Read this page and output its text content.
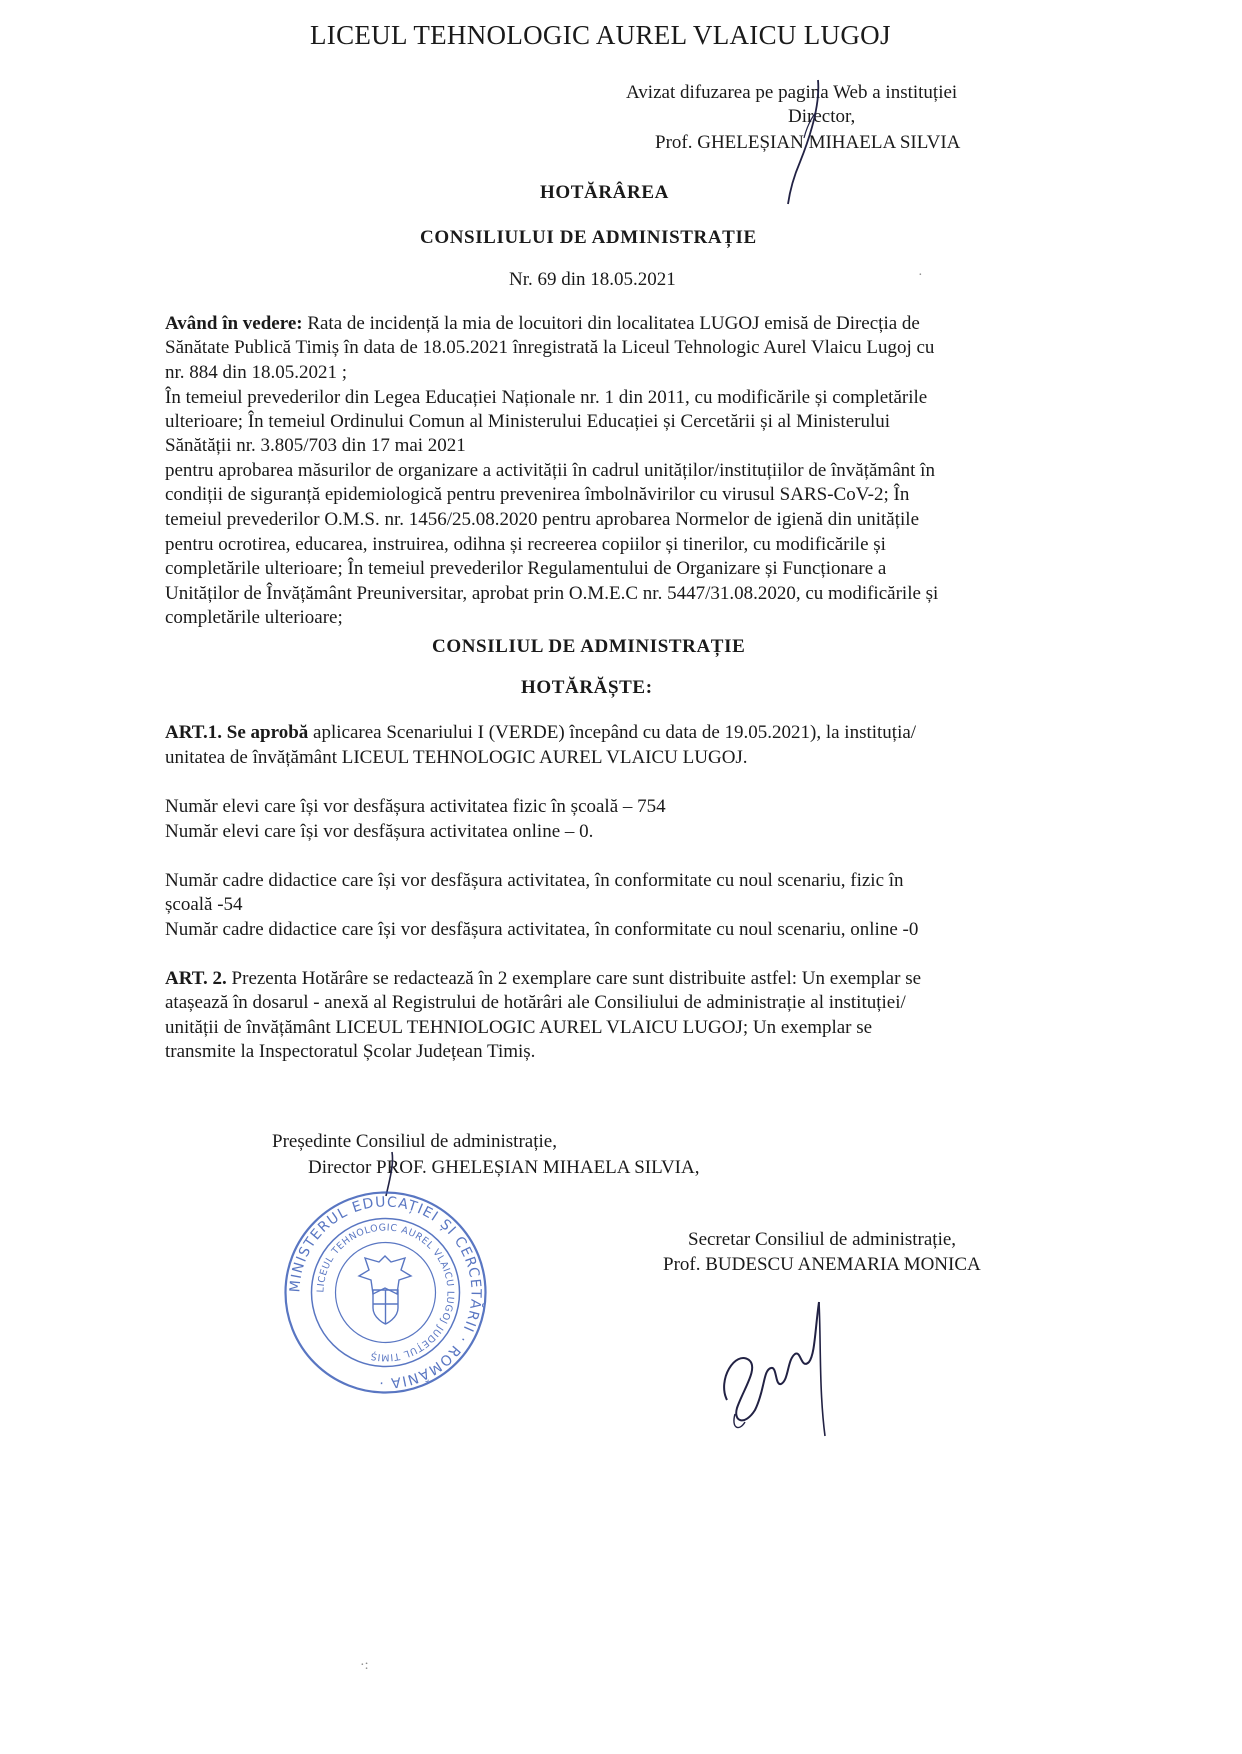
LICEUL TEHNOLOGIC AUREL VLAICU LUGOJ
Avizat difuzarea pe pagina Web a instituției
Director,
Prof. GHELEȘIAN MIHAELA SILVIA
HOTĂRÂREA
CONSILIULUI DE ADMINISTRAȚIE
Nr. 69 din 18.05.2021
Având în vedere: Rata de incidență la mia de locuitori din localitatea LUGOJ emisă de Direcția de
Sănătate Publică Timiș în data de 18.05.2021 înregistrată la Liceul Tehnologic Aurel Vlaicu Lugoj cu
nr. 884 din 18.05.2021 ;
În temeiul prevederilor din Legea Educației Naționale nr. 1 din 2011, cu modificările și completările
ulterioare; În temeiul Ordinului Comun al Ministerului Educației și Cercetării și al Ministerului
Sănătății nr. 3.805/703 din 17 mai 2021
pentru aprobarea măsurilor de organizare a activității în cadrul unităților/instituțiilor de învățământ în
condiții de siguranță epidemiologică pentru prevenirea îmbolnăvirilor cu virusul SARS-CoV-2; În
temeiul prevederilor O.M.S. nr. 1456/25.08.2020 pentru aprobarea Normelor de igienă din unitățile
pentru ocrotirea, educarea, instruirea, odihna și recreerea copiilor și tinerilor, cu modificările și
completările ulterioare; În temeiul prevederilor Regulamentului de Organizare și Funcționare a
Unităților de Învățământ Preuniversitar, aprobat prin O.M.E.C nr. 5447/31.08.2020, cu modificările și
completările ulterioare;
CONSILIUL DE ADMINISTRAȚIE
HOTĂRĂȘTE:
ART.1. Se aprobă aplicarea Scenariului I (VERDE) începând cu data de 19.05.2021), la instituția/
unitatea de învățământ LICEUL TEHNOLOGIC AUREL VLAICU LUGOJ.
Număr elevi care își vor desfășura activitatea fizic în școală – 754
Număr elevi care își vor desfășura activitatea online – 0.
Număr cadre didactice care își vor desfășura activitatea, în conformitate cu noul scenariu, fizic în
școală -54
Număr cadre didactice care își vor desfășura activitatea, în conformitate cu noul scenariu, online -0
ART. 2. Prezenta Hotărâre se redactează în 2 exemplare care sunt distribuite astfel: Un exemplar se
atașează în dosarul - anexă al Registrului de hotărâri ale Consiliului de administrație al instituției/
unității de învățământ LICEUL TEHNIOLOGIC AUREL VLAICU LUGOJ; Un exemplar se
transmite la Inspectoratul Școlar Județean Timiș.
Președinte Consiliul de administrație,
Director PROF. GHELEȘIAN MIHAELA SILVIA,
Secretar Consiliul de administrație,
Prof. BUDESCU ANEMARIA MONICA
MINISTERUL EDUCAȚIEI ȘI CERCETĂRII · ROMÂNIA ·
LICEUL TEHNOLOGIC AUREL VLAICU LUGOJ JUDEȚUL TIMIȘ
·
·:
